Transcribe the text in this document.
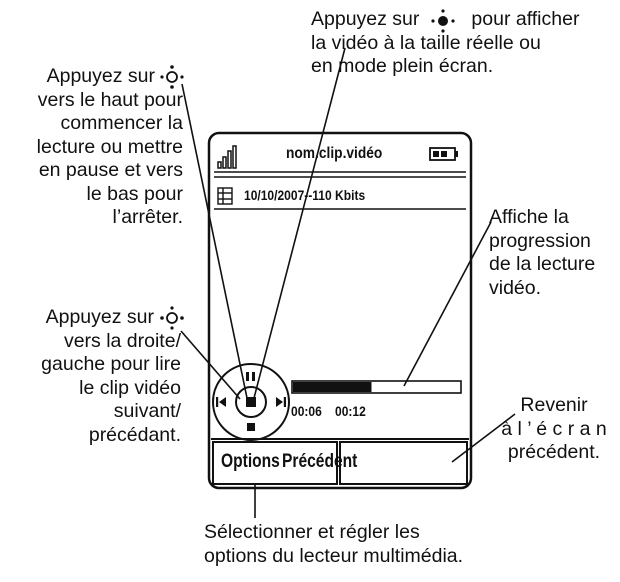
Appuyez sur	pour afficher
la vidéo à la taille réelle ou
en mode plein écran.
Appuyez sur
vers le haut pour
commencer la
lecture ou mettre
en pause et vers
le bas pour
l’arrêter.
Appuyez sur
vers la droite/
gauche pour lire
le clip vidéo
suivant/
précédant.
Affiche la
progression
de la lecture
vidéo.
Revenir
à l ’ é c r a n
précédent.
Sélectionner et régler les
options du lecteur multimédia.
nom.clip.vidéo
10/10/2007--110 Kbits
00:06 00:12
Options Précédent
